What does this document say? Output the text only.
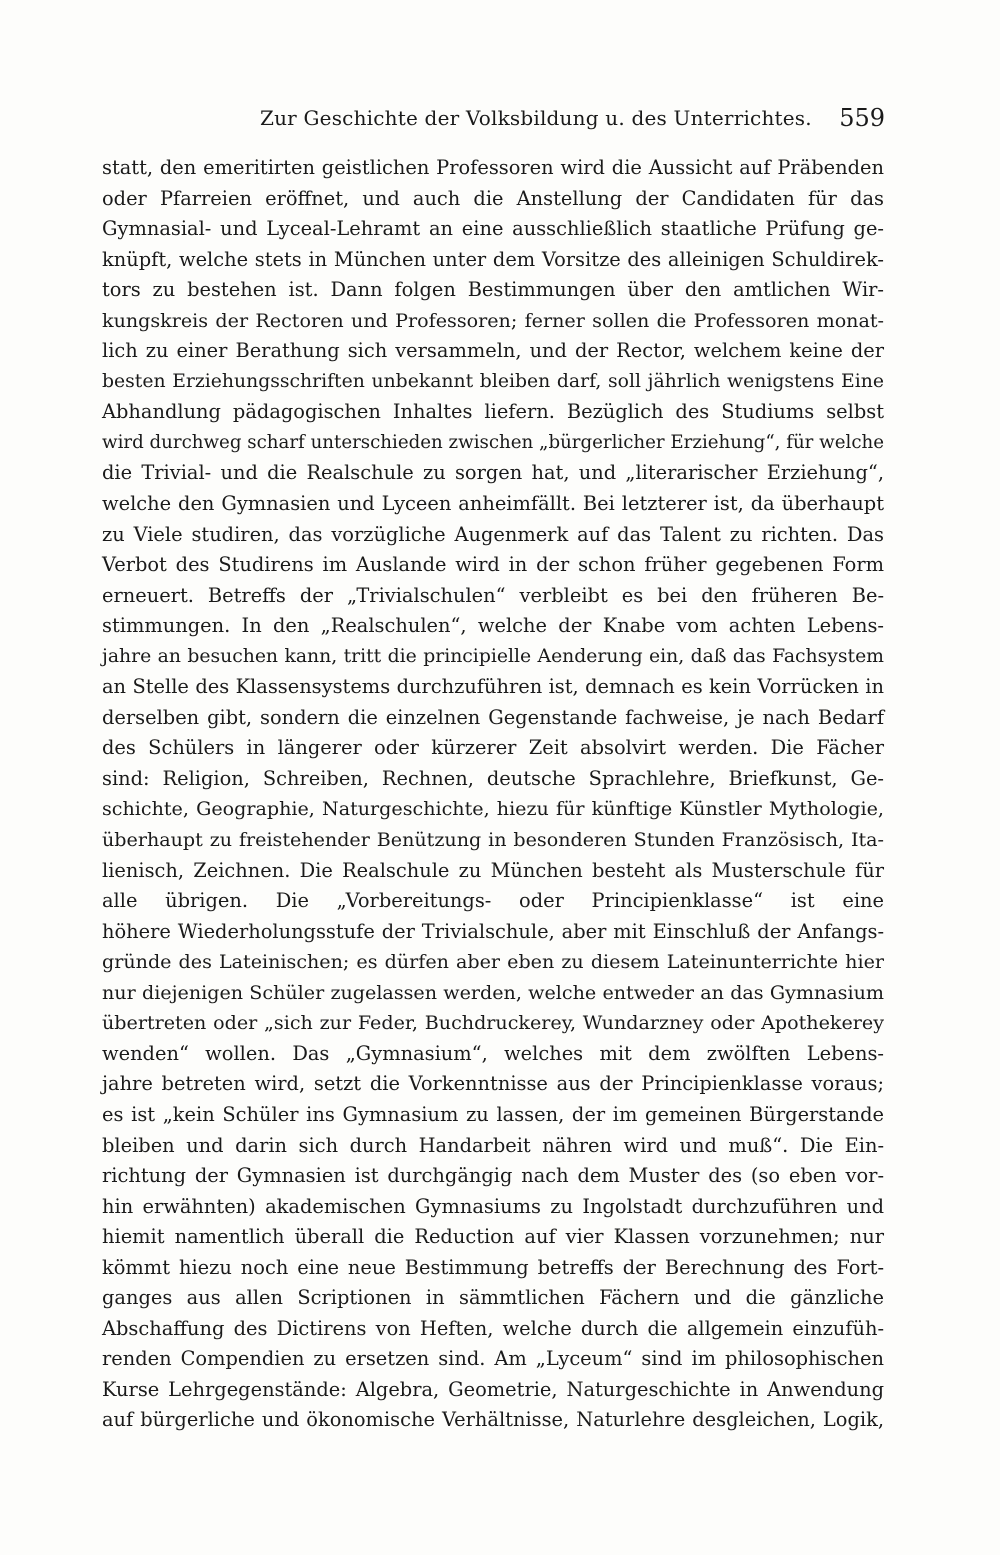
Zur Geschichte der Volksbildung u. des Unterrichtes. 559
statt, den emeritirten geistlichen Professoren wird die Aussicht auf Präbenden
oder Pfarreien eröffnet, und auch die Anstellung der Candidaten für das
Gymnasial- und Lyceal-Lehramt an eine ausschließlich staatliche Prüfung ge-
knüpft, welche stets in München unter dem Vorsitze des alleinigen Schuldirek-
tors zu bestehen ist. Dann folgen Bestimmungen über den amtlichen Wir-
kungskreis der Rectoren und Professoren; ferner sollen die Professoren monat-
lich zu einer Berathung sich versammeln, und der Rector, welchem keine der
besten Erziehungsschriften unbekannt bleiben darf, soll jährlich wenigstens Eine
Abhandlung pädagogischen Inhaltes liefern. Bezüglich des Studiums selbst
wird durchweg scharf unterschieden zwischen „bürgerlicher Erziehung“, für welche
die Trivial- und die Realschule zu sorgen hat, und „literarischer Erziehung“,
welche den Gymnasien und Lyceen anheimfällt. Bei letzterer ist, da überhaupt
zu Viele studiren, das vorzügliche Augenmerk auf das Talent zu richten. Das
Verbot des Studirens im Auslande wird in der schon früher gegebenen Form
erneuert. Betreffs der „Trivialschulen“ verbleibt es bei den früheren Be-
stimmungen. In den „Realschulen“, welche der Knabe vom achten Lebens-
jahre an besuchen kann, tritt die principielle Aenderung ein, daß das Fachsystem
an Stelle des Klassensystems durchzuführen ist, demnach es kein Vorrücken in
derselben gibt, sondern die einzelnen Gegenstande fachweise, je nach Bedarf
des Schülers in längerer oder kürzerer Zeit absolvirt werden. Die Fächer
sind: Religion, Schreiben, Rechnen, deutsche Sprachlehre, Briefkunst, Ge-
schichte, Geographie, Naturgeschichte, hiezu für künftige Künstler Mythologie,
überhaupt zu freistehender Benützung in besonderen Stunden Französisch, Ita-
lienisch, Zeichnen. Die Realschule zu München besteht als Musterschule für
alle übrigen. Die „Vorbereitungs- oder Principienklasse“ ist eine
höhere Wiederholungsstufe der Trivialschule, aber mit Einschluß der Anfangs-
gründe des Lateinischen; es dürfen aber eben zu diesem Lateinunterrichte hier
nur diejenigen Schüler zugelassen werden, welche entweder an das Gymnasium
übertreten oder „sich zur Feder, Buchdruckerey, Wundarzney oder Apothekerey
wenden“ wollen. Das „Gymnasium“, welches mit dem zwölften Lebens-
jahre betreten wird, setzt die Vorkenntnisse aus der Principienklasse voraus;
es ist „kein Schüler ins Gymnasium zu lassen, der im gemeinen Bürgerstande
bleiben und darin sich durch Handarbeit nähren wird und muß“. Die Ein-
richtung der Gymnasien ist durchgängig nach dem Muster des (so eben vor-
hin erwähnten) akademischen Gymnasiums zu Ingolstadt durchzuführen und
hiemit namentlich überall die Reduction auf vier Klassen vorzunehmen; nur
kömmt hiezu noch eine neue Bestimmung betreffs der Berechnung des Fort-
ganges aus allen Scriptionen in sämmtlichen Fächern und die gänzliche
Abschaffung des Dictirens von Heften, welche durch die allgemein einzufüh-
renden Compendien zu ersetzen sind. Am „Lyceum“ sind im philosophischen
Kurse Lehrgegenstände: Algebra, Geometrie, Naturgeschichte in Anwendung
auf bürgerliche und ökonomische Verhältnisse, Naturlehre desgleichen, Logik,
